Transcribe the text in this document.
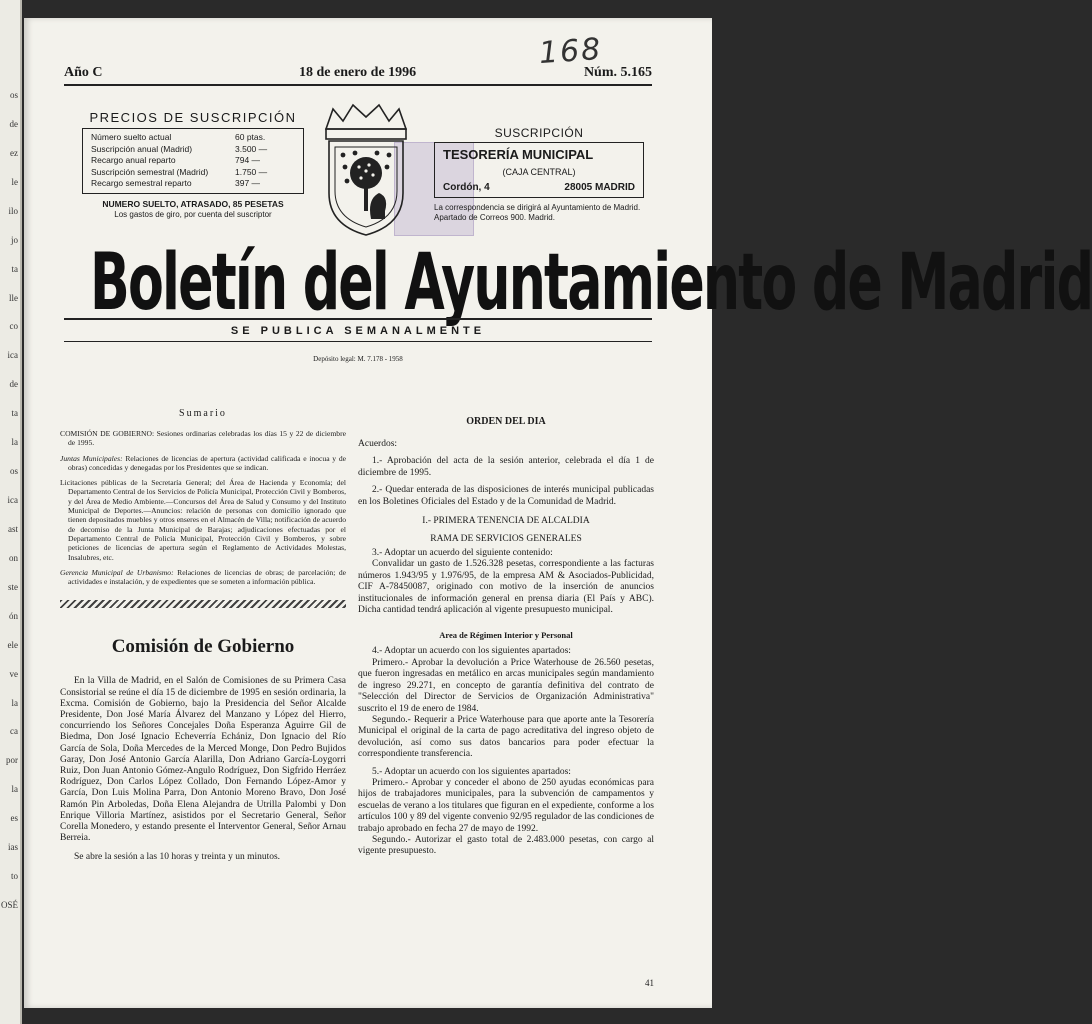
os
de
ez
le
ilo
jo
ta
lle
co
ica
de
ta
la
os
ica
ast
on
ste
ón
ele
ve
la
ca
por
la
es
ias
to
OSÉ
168
Año C	18 de enero de 1996	Núm. 5.165
PRECIOS DE SUSCRIPCIÓN
Número suelto actual	60 ptas.
Suscripción anual (Madrid)	3.500 —
Recargo anual reparto	794 —
Suscripción semestral (Madrid)	1.750 —
Recargo semestral reparto	397 —
NUMERO SUELTO, ATRASADO, 85 PESETAS
Los gastos de giro, por cuenta del suscriptor
SUSCRIPCIÓN
TESORERÍA MUNICIPAL
(CAJA CENTRAL)
Cordón, 4	28005 MADRID
La correspondencia se dirigirá al Ayuntamiento de Madrid. Apartado de Correos 900. Madrid.
Boletín del Ayuntamiento de Madrid
SE PUBLICA SEMANALMENTE
Depósito legal: M. 7.178 - 1958
Sumario
COMISIÓN DE GOBIERNO: Sesiones ordinarias celebradas los días 15 y 22 de diciembre de 1995.
Juntas Municipales: Relaciones de licencias de apertura (actividad calificada e inocua y de obras) concedidas y denegadas por los Presidentes que se indican.
Licitaciones públicas de la Secretaría General; del Área de Hacienda y Economía; del Departamento Central de los Servicios de Policía Municipal, Protección Civil y Bomberos, y del Área de Medio Ambiente.—Concursos del Área de Salud y Consumo y del Instituto Municipal de Deportes.—Anuncios: relación de personas con domicilio ignorado que tienen depositados muebles y otros enseres en el Almacén de Villa; notificación de acuerdo de decomiso de la Junta Municipal de Barajas; adjudicaciones efectuadas por el Departamento Central de Policía Municipal, Protección Civil y Bomberos, y sobre peticiones de licencias de apertura según el Reglamento de Actividades Molestas, Insalubres, etc.
Gerencia Municipal de Urbanismo: Relaciones de licencias de obras; de parcelación; de actividades e instalación, y de expedientes que se someten a información pública.
Comisión de Gobierno

En la Villa de Madrid, en el Salón de Comisiones de su Primera Casa Consistorial se reúne el día 15 de diciembre de 1995 en sesión ordinaria, la Excma. Comisión de Gobierno, bajo la Presidencia del Señor Alcalde Presidente, Don José María Álvarez del Manzano y López del Hierro, concurriendo los Señores Concejales Doña Esperanza Aguirre Gil de Biedma, Don José Ignacio Echeverría Echániz, Don Ignacio del Río García de Sola, Doña Mercedes de la Merced Monge, Don Pedro Bujidos Garay, Don José Antonio García Alarilla, Don Adriano García-Loygorri Ruiz, Don Juan Antonio Gómez-Angulo Rodríguez, Don Sigfrido Herráez Rodríguez, Don Carlos López Collado, Don Fernando López-Amor y García, Don Luis Molina Parra, Don Antonio Moreno Bravo, Don José Ramón Pin Arboledas, Doña Elena Alejandra de Utrilla Palombi y Don Enrique Villoria Martínez, asistidos por el Secretario General, Señor Corella Monedero, y estando presente el Interventor General, Señor Arnau Berreia.

Se abre la sesión a las 10 horas y treinta y un minutos.

ORDEN DEL DIA

Acuerdos:

1.- Aprobación del acta de la sesión anterior, celebrada el día 1 de diciembre de 1995.

2.- Quedar enterada de las disposiciones de interés municipal publicadas en los Boletines Oficiales del Estado y de la Comunidad de Madrid.

I.- PRIMERA TENENCIA DE ALCALDIA
RAMA DE SERVICIOS GENERALES

3.- Adoptar un acuerdo del siguiente contenido:

Convalidar un gasto de 1.526.328 pesetas, correspondiente a las facturas números 1.943/95 y 1.976/95, de la empresa AM & Asociados-Publicidad, CIF A-78450087, originado con motivo de la inserción de anuncios institucionales de información general en prensa diaria (El País y ABC). Dicha cantidad tendrá aplicación al vigente presupuesto municipal.

Area de Régimen Interior y Personal

4.- Adoptar un acuerdo con los siguientes apartados:

Primero.- Aprobar la devolución a Price Waterhouse de 26.560 pesetas, que fueron ingresadas en metálico en arcas municipales según mandamiento de ingreso 29.271, en concepto de garantía definitiva del contrato de "Selección del Director de Servicios de Organización Administrativa" suscrito el 19 de enero de 1984.

Segundo.- Requerir a Price Waterhouse para que aporte ante la Tesorería Municipal el original de la carta de pago acreditativa del ingreso objeto de devolución, así como sus datos bancarios para poder efectuar la correspondiente transferencia.

5.- Adoptar un acuerdo con los siguientes apartados:

Primero.- Aprobar y conceder el abono de 250 ayudas económicas para hijos de trabajadores municipales, para la subvención de campamentos y escuelas de verano a los titulares que figuran en el expediente, conforme a los artículos 100 y 89 del vigente convenio 92/95 regulador de las condiciones de trabajo aprobado en fecha 27 de mayo de 1992.

Segundo.- Autorizar el gasto total de 2.483.000 pesetas, con cargo al vigente presupuesto.

41
